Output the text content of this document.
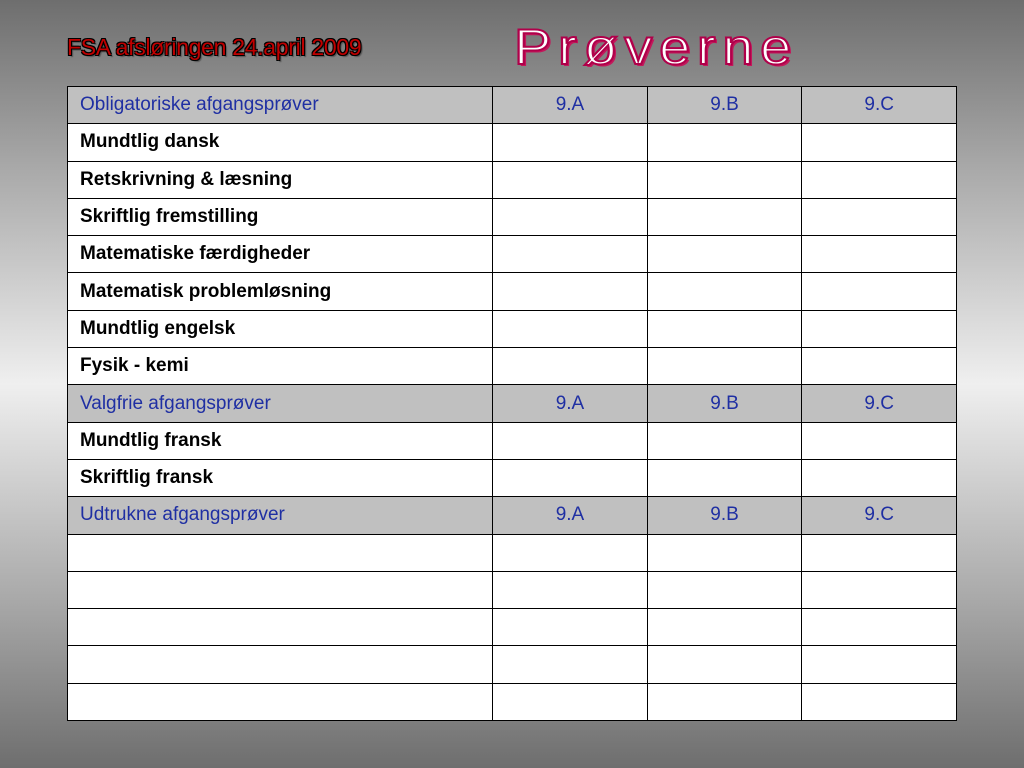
FSA afsløringen 24.april 2009	Prøverne
Obligatoriske afgangsprøver	9.A	9.B	9.C
Mundtlig dansk			
Retskrivning & læsning			
Skriftlig fremstilling			
Matematiske færdigheder			
Matematisk problemløsning			
Mundtlig engelsk			
Fysik - kemi			
Valgfrie afgangsprøver	9.A	9.B	9.C
Mundtlig fransk			
Skriftlig fransk			
Udtrukne afgangsprøver	9.A	9.B	9.C
